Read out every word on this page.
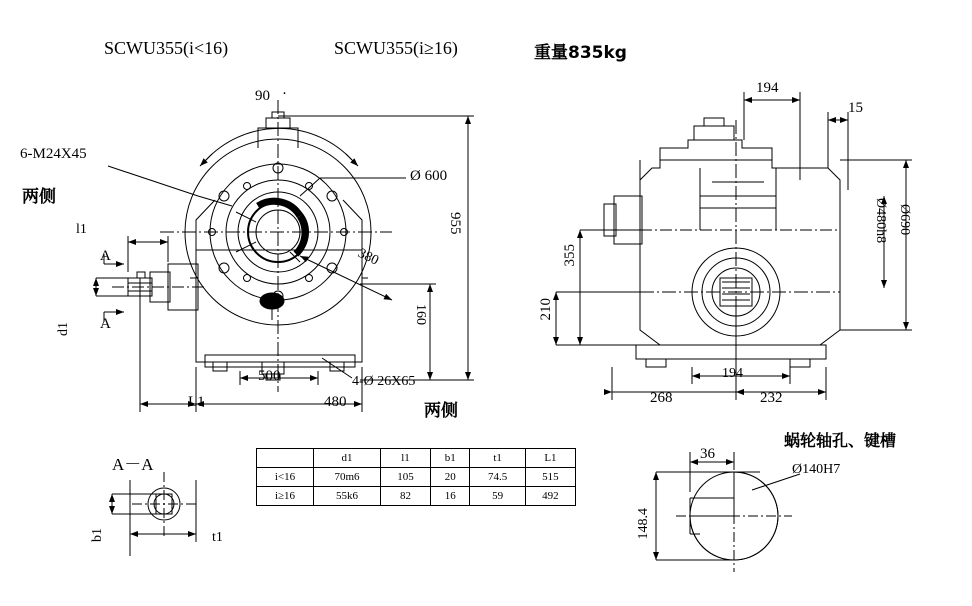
SCWU355(i<16)	SCWU355(i≥16)	重量835kg
90 ·
6-M24X45
两侧
两侧
Ø 600
380
955
160
500
480
L1
l1
d1
4-Ø 26X65
A
A
194
15
Ø480h8 Ø690
355
210
268
194
232
蜗轮轴孔、键槽
A－A
b1	t1
36
148.4
Ø140H7
	d1	l1	b1	t1	L1
i<16	70m6	105	20	74.5	515
i≥16	55k6	82	16	59	492
